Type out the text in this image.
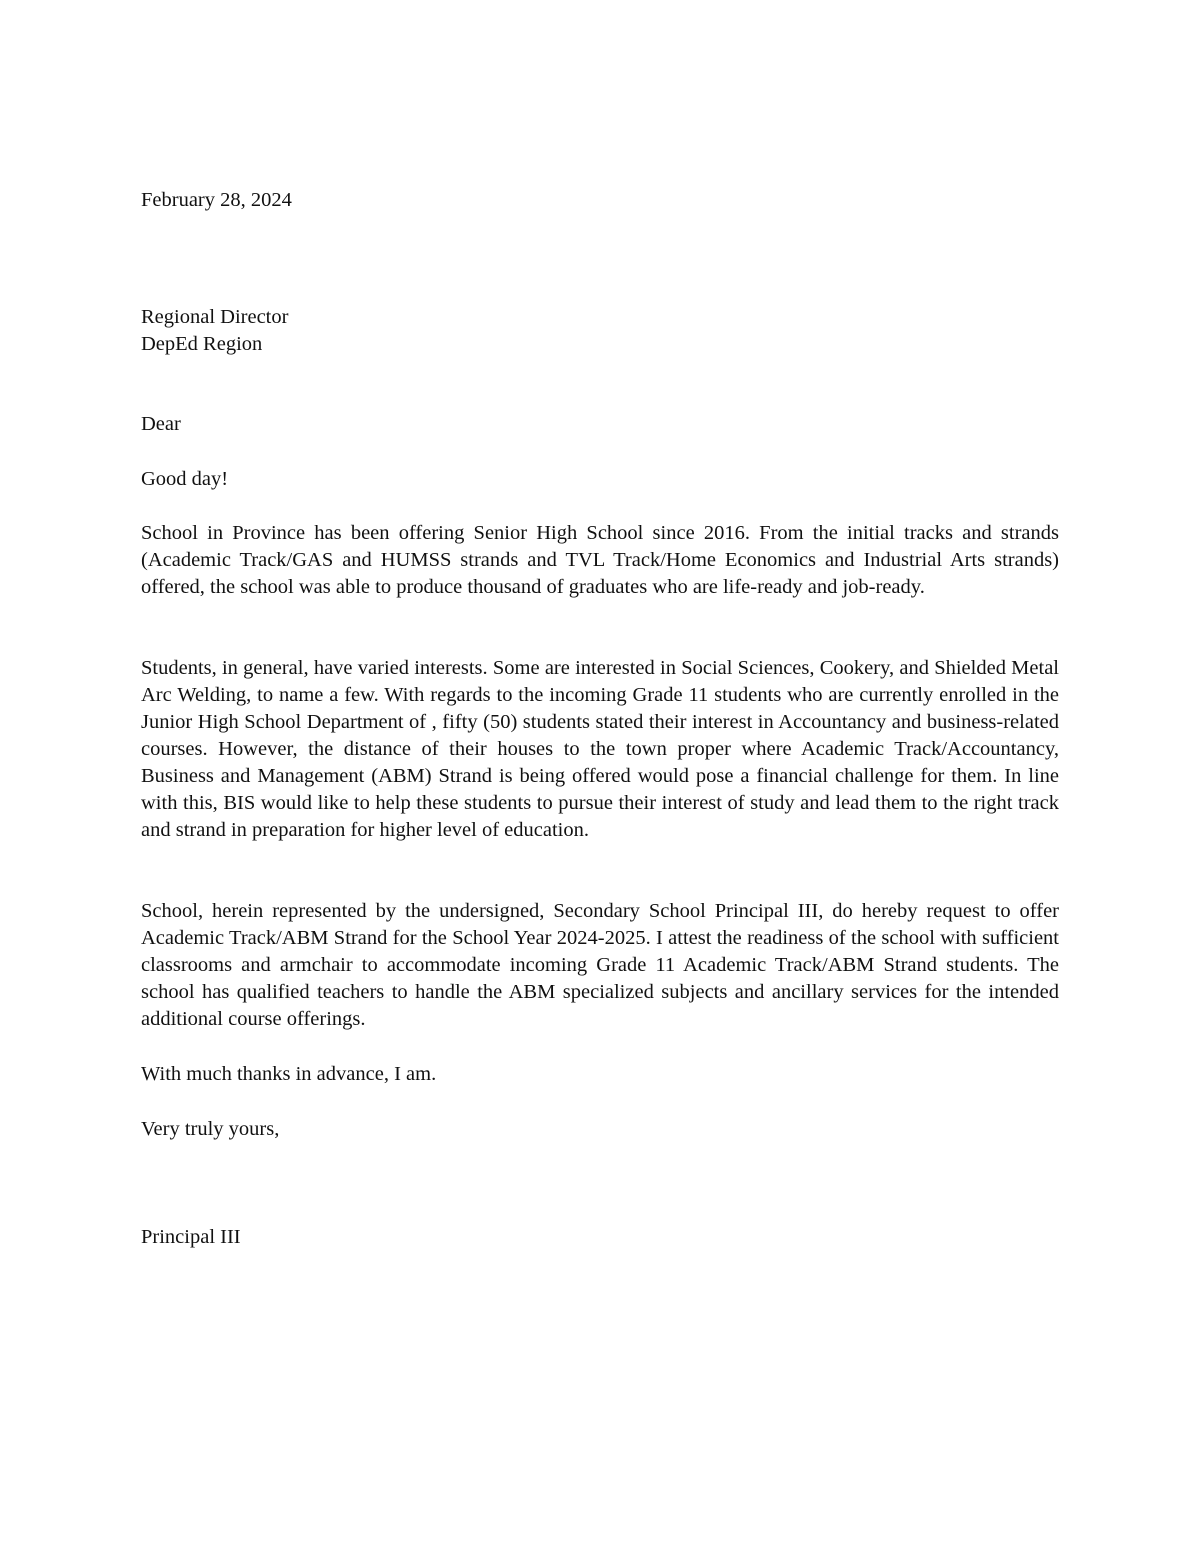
February 28, 2024

Regional Director
DepEd Region

Dear

Good day!

School in Province has been offering Senior High School since 2016. From the initial tracks and strands (Academic Track/GAS and HUMSS strands and TVL Track/Home Economics and Industrial Arts strands) offered, the school was able to produce thousand of graduates who are life-ready and job-ready.

Students, in general, have varied interests. Some are interested in Social Sciences, Cookery, and Shielded Metal Arc Welding, to name a few. With regards to the incoming Grade 11 students who are currently enrolled in the Junior High School Department of , fifty (50) students stated their interest in Accountancy and business-related courses. However, the distance of their houses to the town proper where Academic Track/Accountancy, Business and Management (ABM) Strand is being offered would pose a financial challenge for them. In line with this, BIS would like to help these students to pursue their interest of study and lead them to the right track and strand in preparation for higher level of education.

School, herein represented by the undersigned, Secondary School Principal III, do hereby request to offer Academic Track/ABM Strand for the School Year 2024-2025. I attest the readiness of the school with sufficient classrooms and armchair to accommodate incoming Grade 11 Academic Track/ABM Strand students. The school has qualified teachers to handle the ABM specialized subjects and ancillary services for the intended additional course offerings.

With much thanks in advance, I am.

Very truly yours,

Principal III
